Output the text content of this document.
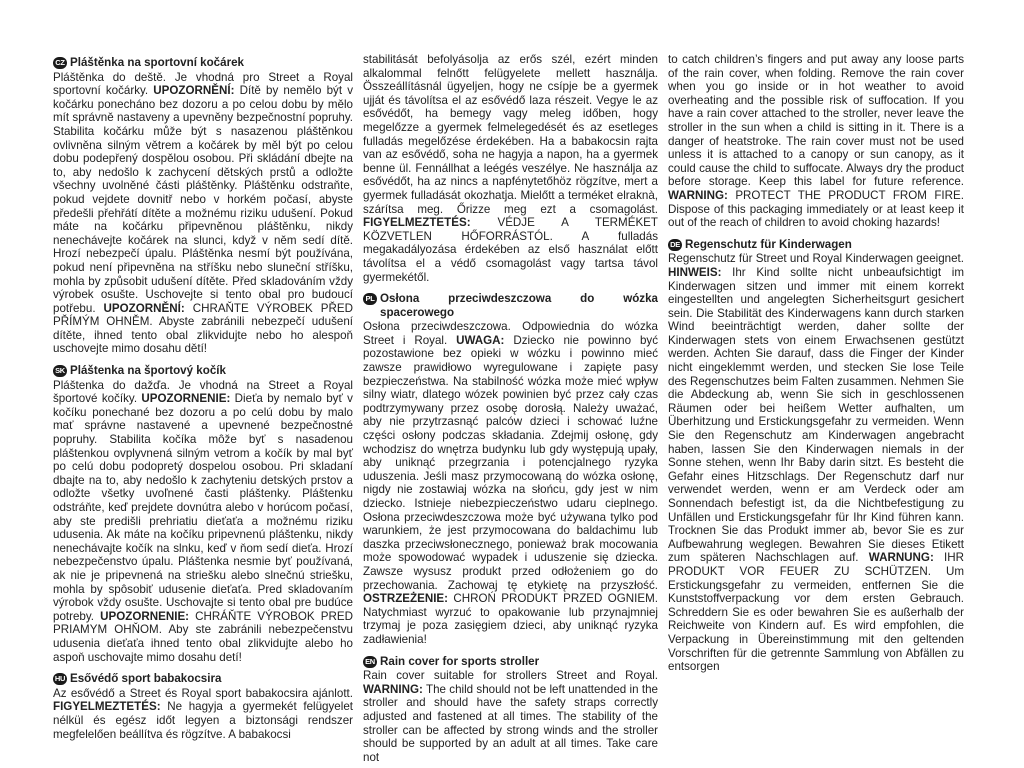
CZ Pláštěnka na sportovní kočárek

Pláštěnka do deště. Je vhodná pro Street a Royal sportovní kočárky. UPOZORNĚNÍ: Dítě by nemělo být v kočárku ponecháno bez dozoru a po celou dobu by mělo mít správně nastaveny a upevněny bezpečnostní popruhy. Stabilita kočárku může být s nasazenou pláštěnkou ovlivněna silným větrem a kočárek by měl být po celou dobu podepřený dospělou osobou. Při skládání dbejte na to, aby nedošlo k zachycení dětských prstů a odložte všechny uvolněné části pláštěnky. Pláštěnku odstraňte, pokud vejdete dovnitř nebo v horkém počasí, abyste předešli přehřátí dítěte a možnému riziku udušení. Pokud máte na kočárku připevněnou pláštěnku, nikdy nenechávejte kočárek na slunci, když v něm sedí dítě. Hrozí nebezpečí úpalu. Pláštěnka nesmí být používána, pokud není připevněna na stříšku nebo sluneční stříšku, mohla by způsobit udušení dítěte. Před skladováním vždy výrobek osušte. Uschovejte si tento obal pro budoucí potřebu. UPOZORNĚNÍ: CHRAŇTE VÝROBEK PŘED PŘÍMÝM OHNĚM. Abyste zabránili nebezpečí udušení dítěte, ihned tento obal zlikvidujte nebo ho alespoň uschovejte mimo dosahu dětí!

SK Pláštenka na športový kočík

Pláštenka do dažďa. Je vhodná na Street a Royal športové kočíky. UPOZORNENIE: Dieťa by nemalo byť v kočíku ponechané bez dozoru a po celú dobu by malo mať správne nastavené a upevnené bezpečnostné popruhy. Stabilita kočíka môže byť s nasadenou pláštenkou ovplyvnená silným vetrom a kočík by mal byť po celú dobu podopretý dospelou osobou. Pri skladaní dbajte na to, aby nedošlo k zachyteniu detských prstov a odložte všetky uvoľnené časti pláštenky. Pláštenku odstráňte, keď prejdete dovnútra alebo v horúcom počasí, aby ste predišli prehriatiu dieťaťa a možnému riziku udusenia. Ak máte na kočíku pripevnenú pláštenku, nikdy nenechávajte kočík na slnku, keď v ňom sedí dieťa. Hrozí nebezpečenstvo úpalu. Pláštenka nesmie byť používaná, ak nie je pripevnená na striešku alebo slnečnú striešku, mohla by spôsobiť udusenie dieťaťa. Pred skladovaním výrobok vždy osušte. Uschovajte si tento obal pre budúce potreby. UPOZORNENIE: CHRÁŇTE VÝROBOK PRED PRIAMYM OHŇOM. Aby ste zabránili nebezpečenstvu udusenia dieťaťa ihned tento obal zlikvidujte alebo ho aspoň uschovajte mimo dosahu detí!

HU Esővédő sport babakocsira

Az esővédő a Street és Royal sport babakocsira ajánlott. FIGYELMEZTETÉS: Ne hagyja a gyermekét felügyelet nélkül és egész időt legyen a biztonsági rendszer megfelelően beállítva és rögzítve. A babakocsi

stabilitását befolyásolja az erős szél, ezért minden alkalommal felnőtt felügyelete mellett használja. Összeállításnál ügyeljen, hogy ne csípje be a gyermek ujját és távolítsa el az esővédő laza részeit. Vegye le az esővédőt, ha bemegy vagy meleg időben, hogy megelőzze a gyermek felmelegedését és az esetleges fulladás megelőzése érdekében. Ha a babakocsin rajta van az esővédő, soha ne hagyja a napon, ha a gyermek benne ül. Fennállhat a leégés veszélye. Ne használja az esővédőt, ha az nincs a napfénytetőhöz rögzítve, mert a gyermek fulladását okozhatja. Mielőtt a terméket elraknà, szárítsa meg. Őrizze meg ezt a csomagolást. FIGYELMEZTETÉS: VÉDJE A TERMÉKET KÖZVETLEN HŐFORRÁSTÓL. A fulladás megakadályozása érdekében az első használat előtt távolítsa el a védő csomagolást vagy tartsa távol gyermekétől.

PL Osłona przeciwdeszczowa do wózka spacerowego

Osłona przeciwdeszczowa. Odpowiednia do wózka Street i Royal. UWAGA: Dziecko nie powinno być pozostawione bez opieki w wózku i powinno mieć zawsze prawidłowo wyregulowane i zapięte pasy bezpieczeństwa. Na stabilność wózka może mieć wpływ silny wiatr, dlatego wózek powinien być przez cały czas podtrzymywany przez osobę dorosłą. Należy uważać, aby nie przytrzasnąć palców dzieci i schować luźne części osłony podczas składania. Zdejmij osłonę, gdy wchodzisz do wnętrza budynku lub gdy występują upały, aby uniknąć przegrzania i potencjalnego ryzyka uduszenia. Jeśli masz przymocowaną do wózka osłonę, nigdy nie zostawiaj wózka na słońcu, gdy jest w nim dziecko. Istnieje niebezpieczeństwo udaru cieplnego. Osłona przeciwdeszczowa może być używana tylko pod warunkiem, że jest przymocowana do baldachimu lub daszka przeciwsłonecznego, ponieważ brak mocowania może spowodować wypadek i uduszenie się dziecka. Zawsze wysusz produkt przed odłożeniem go do przechowania. Zachowaj tę etykietę na przyszłość. OSTRZEŻENIE: CHROŃ PRODUKT PRZED OGNIEM. Natychmiast wyrzuć to opakowanie lub przynajmniej trzymaj je poza zasięgiem dzieci, aby uniknąć ryzyka zadławienia!

EN Rain cover for sports stroller

Rain cover suitable for strollers Street and Royal. WARNING: The child should not be left unattended in the stroller and should have the safety straps correctly adjusted and fastened at all times. The stability of the stroller can be affected by strong winds and the stroller should be supported by an adult at all times. Take care not

to catch children’s fingers and put away any loose parts of the rain cover, when folding. Remove the rain cover when you go inside or in hot weather to avoid overheating and the possible risk of suffocation. If you have a rain cover attached to the stroller, never leave the stroller in the sun when a child is sitting in it. There is a danger of heatstroke. The rain cover must not be used unless it is attached to a canopy or sun canopy, as it could cause the child to suffocate. Always dry the product before storage. Keep this label for future reference. WARNING: PROTECT THE PRODUCT FROM FIRE. Dispose of this packaging immediately or at least keep it out of the reach of children to avoid choking hazards!

DE Regenschutz für Kinderwagen

Regenschutz für Street und Royal Kinderwagen geeignet. HINWEIS: Ihr Kind sollte nicht unbeaufsichtigt im Kinderwagen sitzen und immer mit einem korrekt eingestellten und angelegten Sicherheitsgurt gesichert sein. Die Stabilität des Kinderwagens kann durch starken Wind beeinträchtigt werden, daher sollte der Kinderwagen stets von einem Erwachsenen gestützt werden. Achten Sie darauf, dass die Finger der Kinder nicht eingeklemmt werden, und stecken Sie lose Teile des Regenschutzes beim Falten zusammen. Nehmen Sie die Abdeckung ab, wenn Sie sich in geschlossenen Räumen oder bei heißem Wetter aufhalten, um Überhitzung und Erstickungsgefahr zu vermeiden. Wenn Sie den Regenschutz am Kinderwagen angebracht haben, lassen Sie den Kinderwagen niemals in der Sonne stehen, wenn Ihr Baby darin sitzt. Es besteht die Gefahr eines Hitzschlags. Der Regenschutz darf nur verwendet werden, wenn er am Verdeck oder am Sonnendach befestigt ist, da die Nichtbefestigung zu Unfällen und Erstickungsgefahr für Ihr Kind führen kann. Trocknen Sie das Produkt immer ab, bevor Sie es zur Aufbewahrung weglegen. Bewahren Sie dieses Etikett zum späteren Nachschlagen auf. WARNUNG: IHR PRODUKT VOR FEUER ZU SCHÜTZEN. Um Erstickungsgefahr zu vermeiden, entfernen Sie die Kunststoffverpackung vor dem ersten Gebrauch. Schreddern Sie es oder bewahren Sie es außerhalb der Reichweite von Kindern auf. Es wird empfohlen, die Verpackung in Übereinstimmung mit den geltenden Vorschriften für die getrennte Sammlung von Abfällen zu entsorgen
